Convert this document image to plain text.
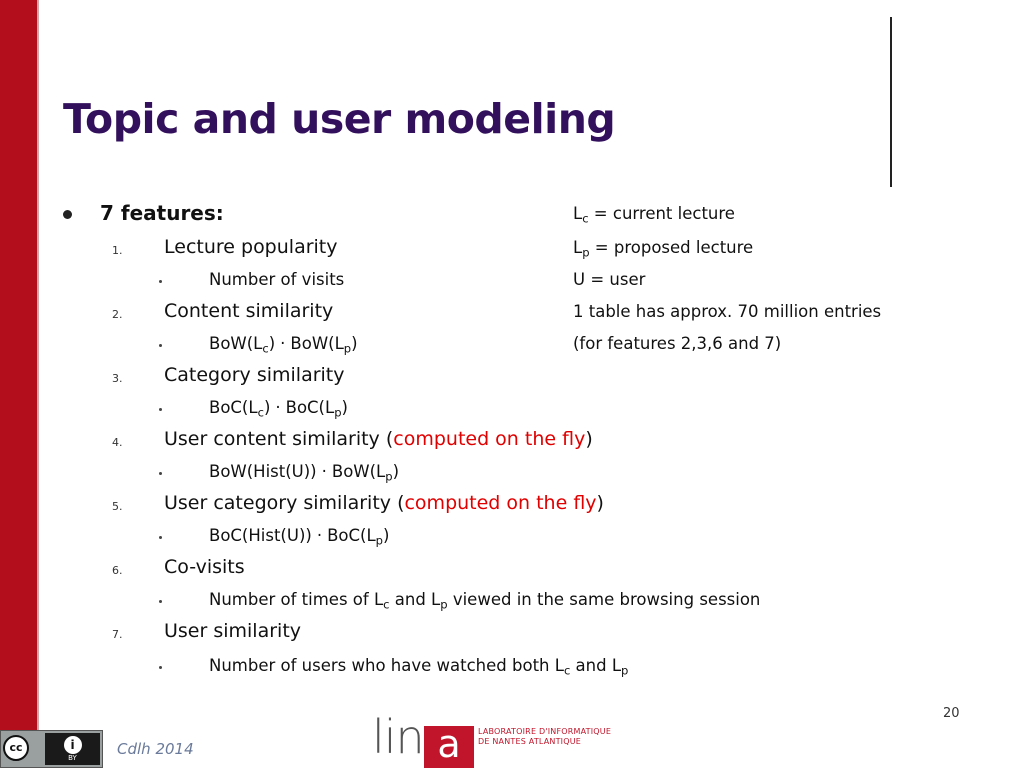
Topic and user modeling
7 features:
1. Lecture popularity
Number of visits
2. Content similarity
$BoW(L_c) \cdot BoW(L_p)$
3. Category similarity
$BoC(L_c) \cdot BoC(L_p)$
4. User content similarity (computed on the fly)
BoW(Hist(U)) · $BoW(L_p)$
5. User category similarity (computed on the fly)
BoC(Hist(U)) · $BoC(L_p)$
6. Co-visits
Number of times of $L_c$ and $L_p$ viewed in the same browsing session
7. User similarity
Number of users who have watched both $L_c$ and $L_p$
$L_c$ = current lecture
$L_p$ = proposed lecture
U = user
1 table has approx. 70 million entries
(for features 2,3,6 and 7)
20
cc	i
BY	Cdlh 2014	lin a	LABORATOIRE D'INFORMATIQUE
DE NANTES ATLANTIQUE
